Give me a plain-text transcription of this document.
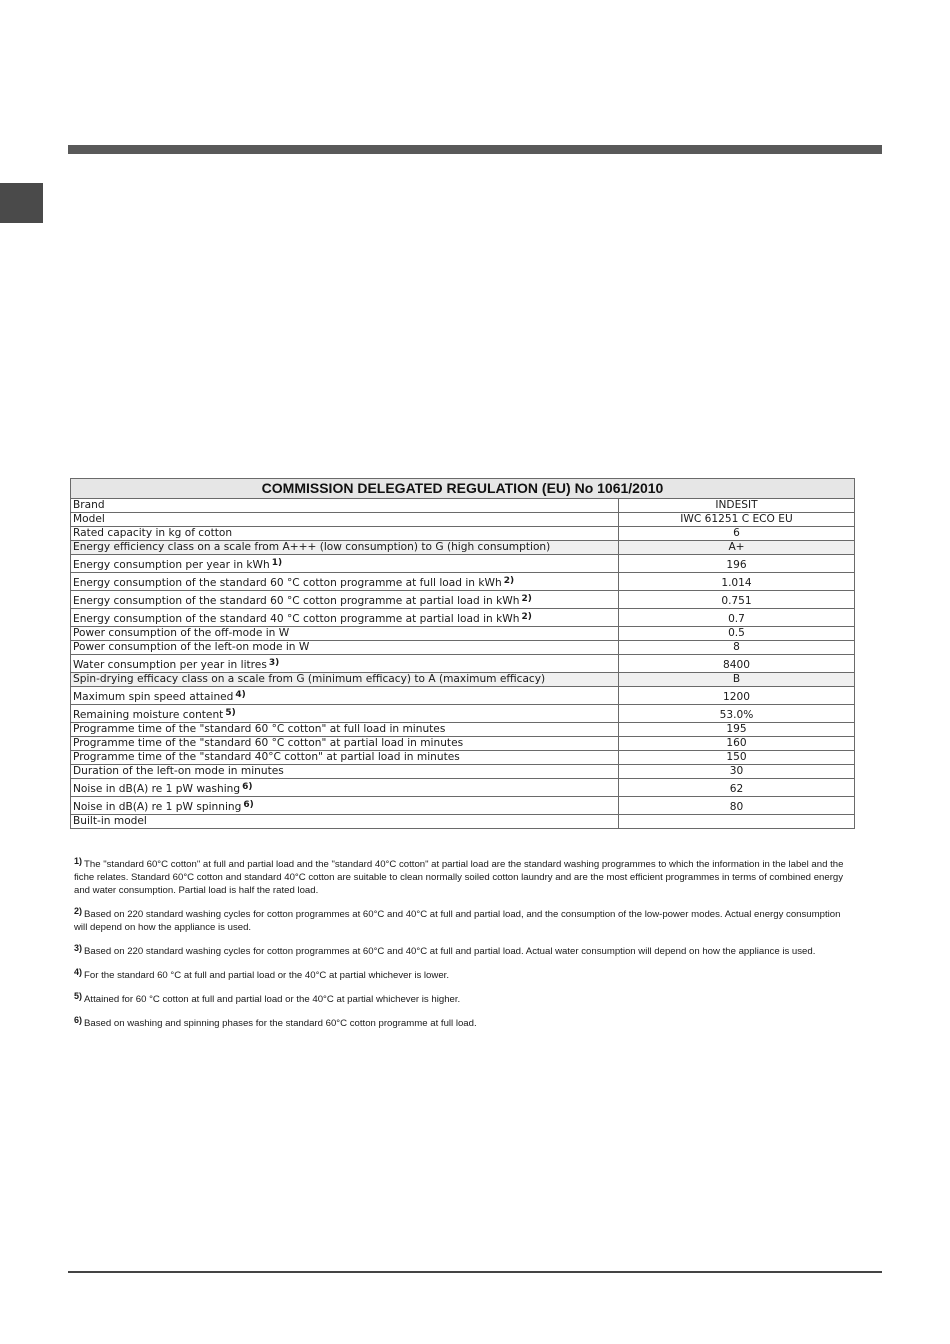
COMMISSION DELEGATED REGULATION (EU) No 1061/2010	
Brand	INDESIT
Model	IWC 61251 C ECO EU
Rated capacity in kg of cotton	6
Energy efficiency class on a scale from A+++ (low consumption) to G (high consumption)	A+
Energy consumption per year in kWh $^{1)}$	196
Energy consumption of the standard 60 °C cotton programme at full load in kWh $^{2)}$	1.014
Energy consumption of the standard 60 °C cotton programme at partial load in kWh $^{2)}$	0.751
Energy consumption of the standard 40 °C cotton programme at partial load in kWh $^{2)}$	0.7
Power consumption of the off-mode in W	0.5
Power consumption of the left-on mode in W	8
Water consumption per year in litres $^{3)}$	8400
Spin-drying efficacy class on a scale from G (minimum efficacy) to A (maximum efficacy)	B
Maximum spin speed attained $^{4)}$	1200
Remaining moisture content $^{5)}$	53.0%
Programme time of the "standard 60 °C cotton" at full load in minutes	195
Programme time of the "standard 60 °C cotton" at partial load in minutes	160
Programme time of the "standard 40°C cotton" at partial load in minutes	150
Duration of the left-on mode in minutes	30
Noise in dB(A) re 1 pW washing $^{6)}$	62
Noise in dB(A) re 1 pW spinning $^{6)}$	80
Built-in model	

$^{1)}$ The "standard 60°C cotton" at full and partial load and the "standard 40°C cotton" at partial load are the standard washing programmes to which the information in the label and the fiche relates. Standard 60°C cotton and standard 40°C cotton are suitable to clean normally soiled cotton laundry and are the most efficient programmes in terms of combined energy and water consumption. Partial load is half the rated load.

$^{2)}$ Based on 220 standard washing cycles for cotton programmes at 60°C and 40°C at full and partial load, and the consumption of the low-power modes. Actual energy consumption will depend on how the appliance is used.

$^{3)}$ Based on 220 standard washing cycles for cotton programmes at 60°C and 40°C at full and partial load. Actual water consumption will depend on how the appliance is used.

$^{4)}$ For the standard 60 °C at full and partial load or the 40°C at partial whichever is lower.

$^{5)}$ Attained for 60 °C cotton at full and partial load or the 40°C at partial whichever is higher.

$^{6)}$ Based on washing and spinning phases for the standard 60°C cotton programme at full load.
